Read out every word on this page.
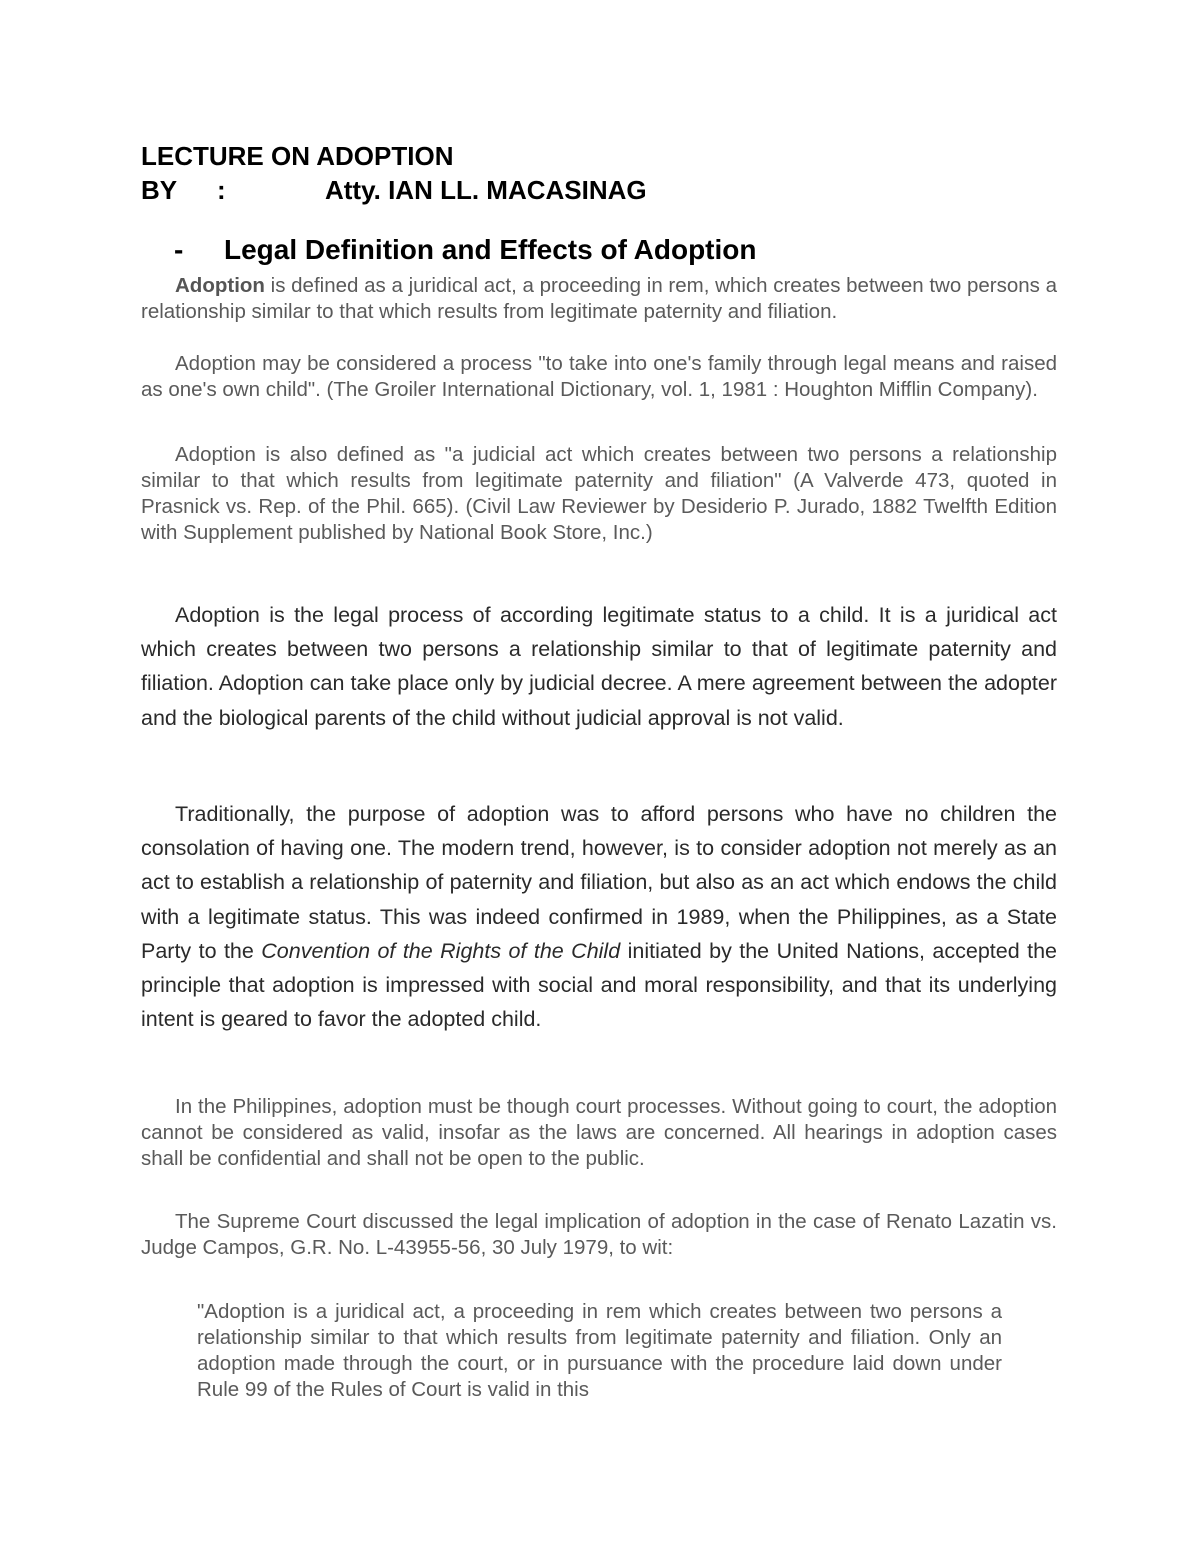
LECTURE ON ADOPTION
BY :	Atty. IAN LL. MACASINAG
- Legal Definition and Effects of Adoption

Adoption is defined as a juridical act, a proceeding in rem, which creates between two persons a relationship similar to that which results from legitimate paternity and filiation.

Adoption may be considered a process "to take into one's family through legal means and raised as one's own child". (The Groiler International Dictionary, vol. 1, 1981 : Houghton Mifflin Company).

Adoption is also defined as "a judicial act which creates between two persons a relationship similar to that which results from legitimate paternity and filiation" (A Valverde 473, quoted in Prasnick vs. Rep. of the Phil. 665). (Civil Law Reviewer by Desiderio P. Jurado, 1882 Twelfth Edition with Supplement published by National Book Store, Inc.)

Adoption is the legal process of according legitimate status to a child. It is a juridical act which creates between two persons a relationship similar to that of legitimate paternity and filiation. Adoption can take place only by judicial decree. A mere agreement between the adopter and the biological parents of the child without judicial approval is not valid.

Traditionally, the purpose of adoption was to afford persons who have no children the consolation of having one. The modern trend, however, is to consider adoption not merely as an act to establish a relationship of paternity and filiation, but also as an act which endows the child with a legitimate status. This was indeed confirmed in 1989, when the Philippines, as a State Party to the Convention of the Rights of the Child initiated by the United Nations, accepted the principle that adoption is impressed with social and moral responsibility, and that its underlying intent is geared to favor the adopted child.

In the Philippines, adoption must be though court processes. Without going to court, the adoption cannot be considered as valid, insofar as the laws are concerned. All hearings in adoption cases shall be confidential and shall not be open to the public.

The Supreme Court discussed the legal implication of adoption in the case of Renato Lazatin vs. Judge Campos, G.R. No. L-43955-56, 30 July 1979, to wit:

"Adoption is a juridical act, a proceeding in rem which creates between two persons a relationship similar to that which results from legitimate paternity and filiation. Only an adoption made through the court, or in pursuance with the procedure laid down under Rule 99 of the Rules of Court is valid in this
